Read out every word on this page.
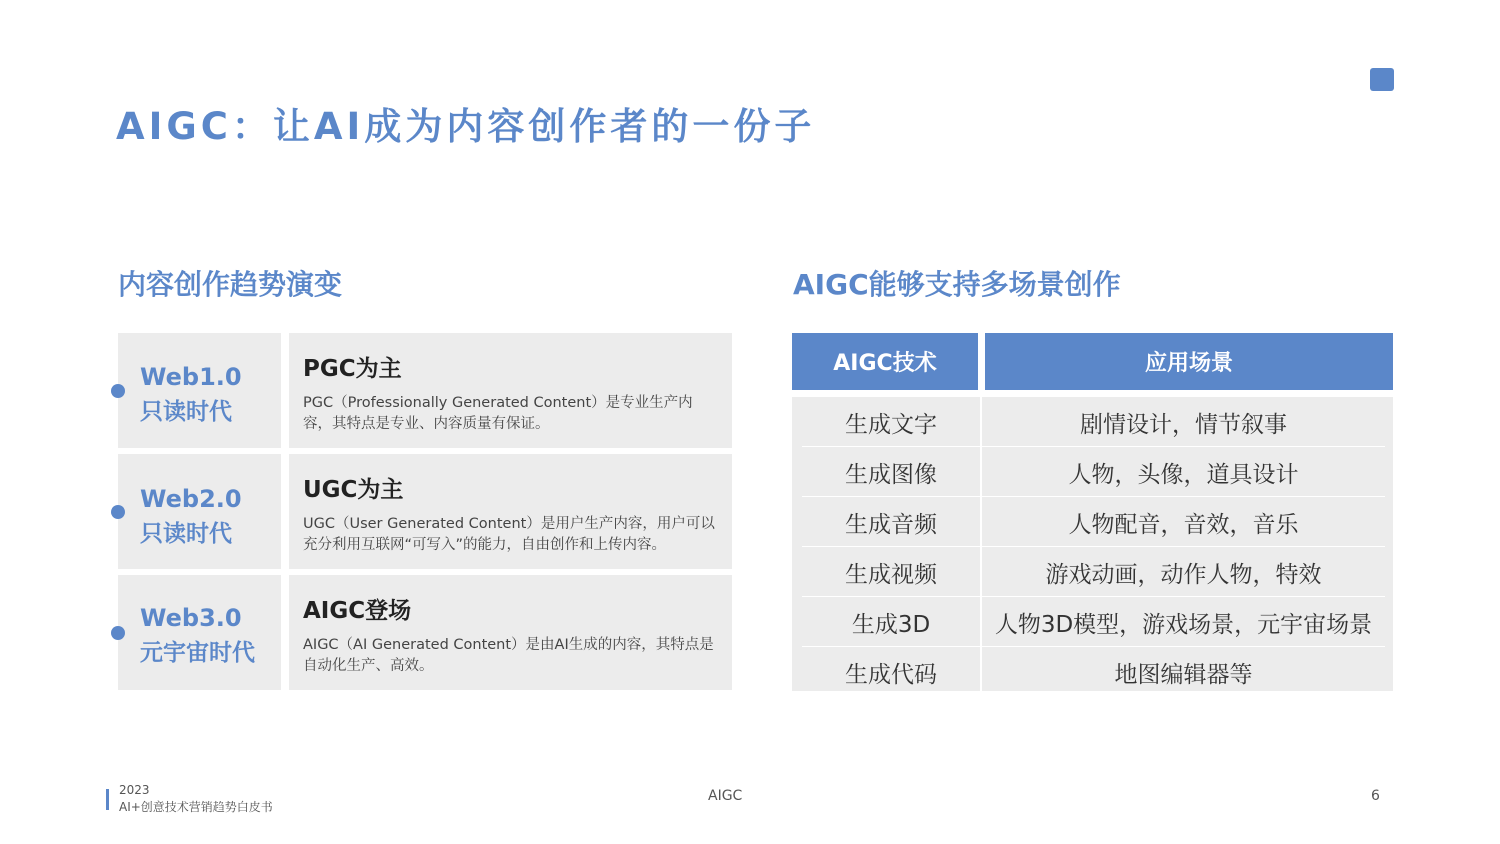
AIGC：让AI成为内容创作者的一份子
内容创作趋势演变	AIGC能够支持多场景创作
Web1.0
只读时代
PGC为主
PGC（Professionally Generated Content）是专业生产内容，其特点是专业、内容质量有保证。
Web2.0
只读时代
UGC为主
UGC（User Generated Content）是用户生产内容，用户可以充分利用互联网“可写入”的能力，自由创作和上传内容。
Web3.0
元宇宙时代
AIGC登场
AIGC（AI Generated Content）是由AI生成的内容，其特点是自动化生产、高效。
AIGC技术	应用场景
生成文字	剧情设计，情节叙事
生成图像	人物，头像，道具设计
生成音频	人物配音，音效，音乐
生成视频	游戏动画，动作人物，特效
生成3D	人物3D模型，游戏场景，元宇宙场景
生成代码	地图编辑器等
2023
AI+创意技术营销趋势白皮书
AIGC	6
